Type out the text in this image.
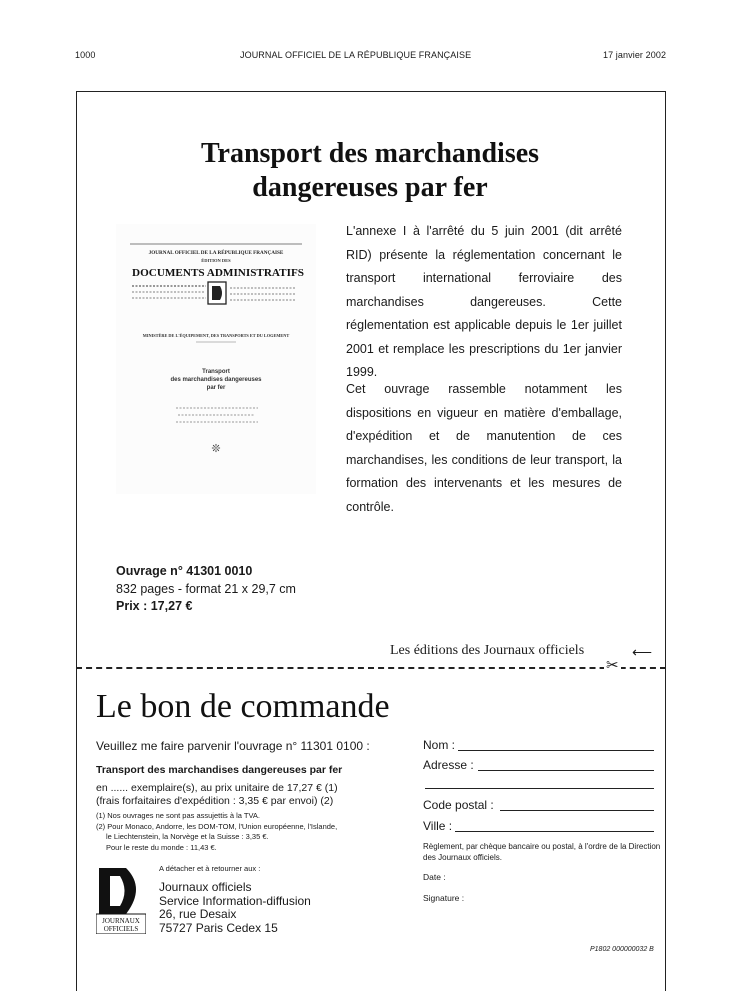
1000	JOURNAL OFFICIEL DE LA RÉPUBLIQUE FRANÇAISE	17 janvier 2002
Transport des marchandises
dangereuses par fer
JOURNAL OFFICIEL DE LA RÉPUBLIQUE FRANÇAISE
ÉDITION DES
DOCUMENTS ADMINISTRATIFS
MINISTÈRE DE L'ÉQUIPEMENT, DES TRANSPORTS ET DU LOGEMENT
Transport
des marchandises dangereuses
par fer
❊
L'annexe I à l'arrêté du 5 juin 2001 (dit arrêté RID) présente la réglementation concernant le transport international ferroviaire des marchandises dangereuses. Cette réglementation est applicable depuis le 1er juillet 2001 et remplace les prescriptions du 1er janvier 1999.
Cet ouvrage rassemble notamment les dispositions en vigueur en matière d'emballage, d'expédition et de manutention de ces marchandises, les conditions de leur transport, la formation des intervenants et les mesures de contrôle.
Ouvrage n° 41301 0010
832 pages - format 21 x 29,7 cm
Prix : 17,27 €
Les éditions des Journaux officiels	⟵
✂
Le bon de commande
Veuillez me faire parvenir l'ouvrage n° 11301 0100 :
Transport des marchandises dangereuses par fer
en ...... exemplaire(s), au prix unitaire de 17,27 € (1)
(frais forfaitaires d'expédition : 3,35 € par envoi) (2)
(1) Nos ouvrages ne sont pas assujettis à la TVA.
(2) Pour Monaco, Andorre, les DOM-TOM, l'Union européenne, l'Islande,
le Liechtenstein, la Norvège et la Suisse : 3,35 €.
Pour le reste du monde : 11,43 €.
JOURNAUX
OFFICIELS
A détacher et à retourner aux :
Journaux officiels
Service Information-diffusion
26, rue Desaix
75727 Paris Cedex 15
Nom :
Adresse :
Code postal :
Ville :
Règlement, par chèque bancaire ou postal, à l'ordre de la Direction des Journaux officiels.
Date :
Signature :
P1802 000000032 B
